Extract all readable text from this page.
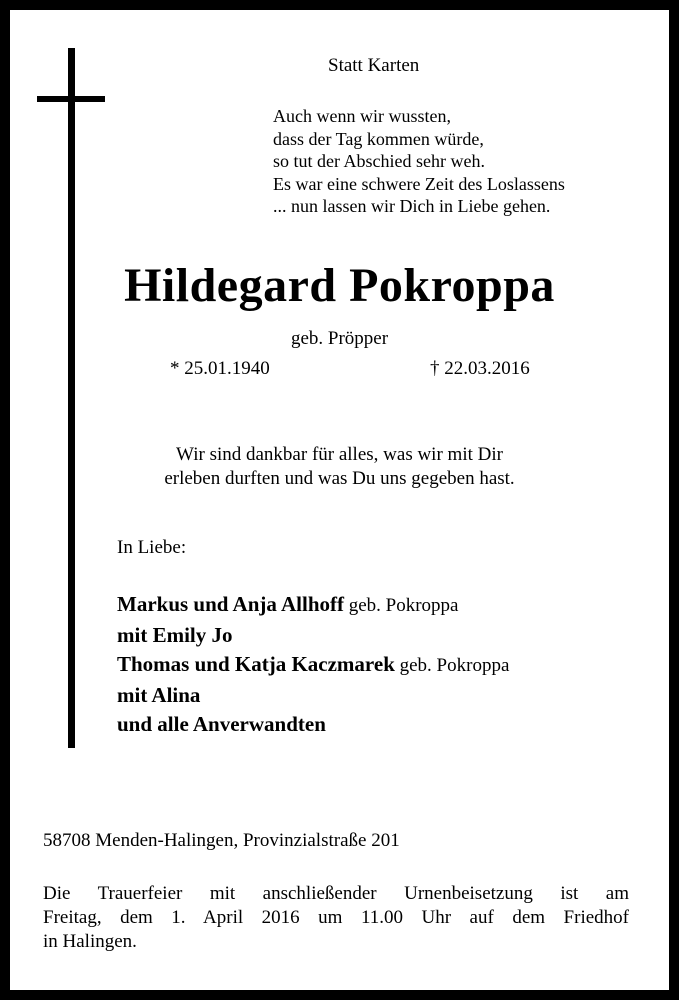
Statt Karten
Auch wenn wir wussten,
dass der Tag kommen würde,
so tut der Abschied sehr weh.
Es war eine schwere Zeit des Loslassens
... nun lassen wir Dich in Liebe gehen.
Hildegard Pokroppa
geb. Pröpper
* 25.01.1940	† 22.03.2016
Wir sind dankbar für alles, was wir mit Dir
erleben durften und was Du uns gegeben hast.
In Liebe:
Markus und Anja Allhoff geb. Pokroppa
mit Emily Jo
Thomas und Katja Kaczmarek geb. Pokroppa
mit Alina
und alle Anverwandten
58708 Menden-Halingen, Provinzialstraße 201
Die Trauerfeier mit anschließender Urnenbeisetzung ist am
Freitag, dem 1. April 2016 um 11.00 Uhr auf dem Friedhof
in Halingen.
